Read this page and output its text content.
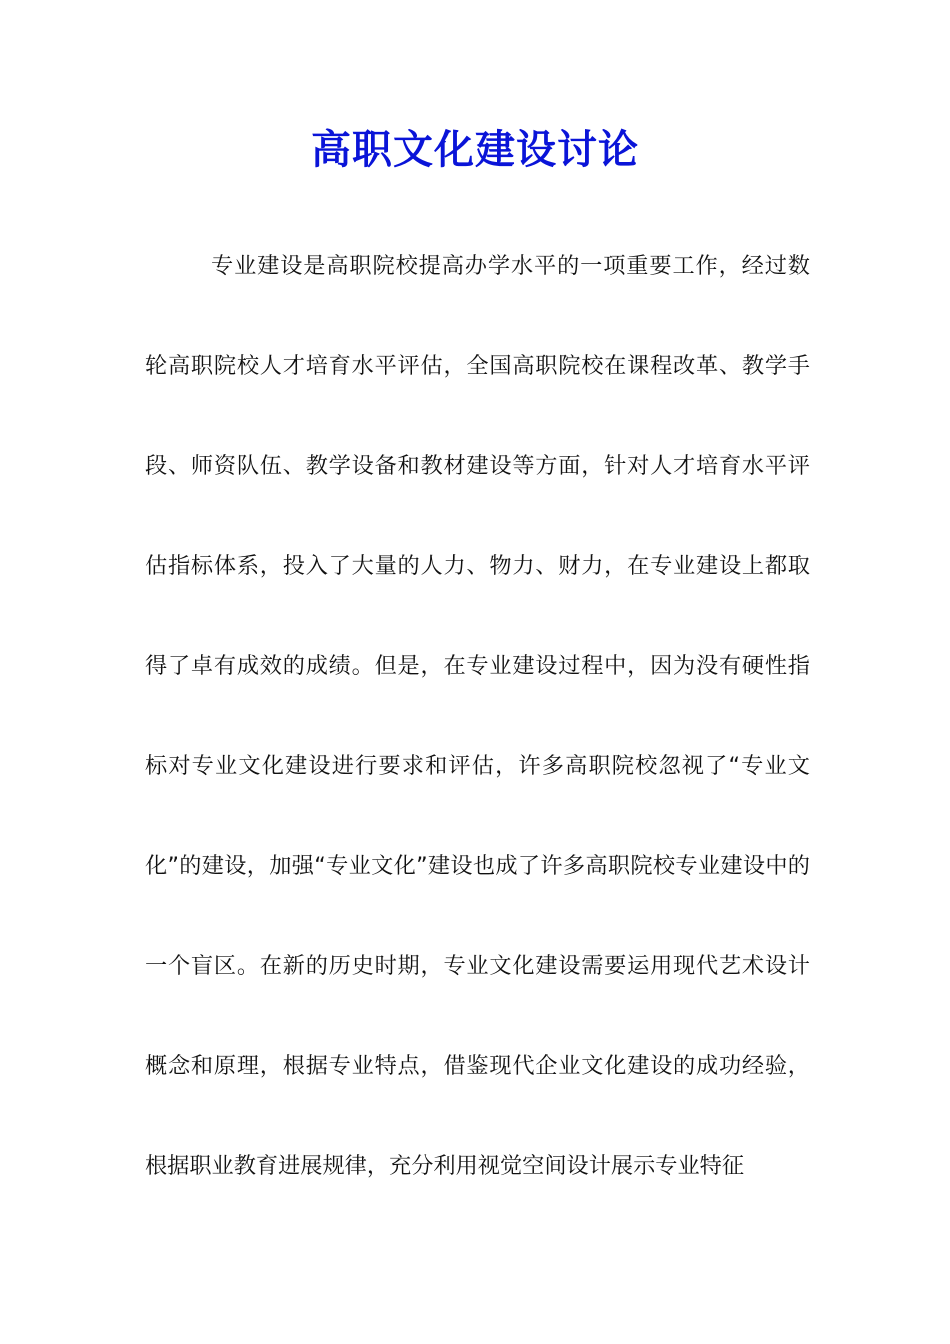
高职文化建设讨论

专业建设是高职院校提高办学水平的一项重要工作，经过数轮高职院校人才培育水平评估，全国高职院校在课程改革、教学手段、师资队伍、教学设备和教材建设等方面，针对人才培育水平评估指标体系，投入了大量的人力、物力、财力，在专业建设上都取得了卓有成效的成绩。但是，在专业建设过程中，因为没有硬性指标对专业文化建设进行要求和评估，许多高职院校忽视了“专业文化”的建设，加强“专业文化”建设也成了许多高职院校专业建设中的一个盲区。在新的历史时期，专业文化建设需要运用现代艺术设计概念和原理，根据专业特点，借鉴现代企业文化建设的成功经验，根据职业教育进展规律，充分利用视觉空间设计展示专业特征
